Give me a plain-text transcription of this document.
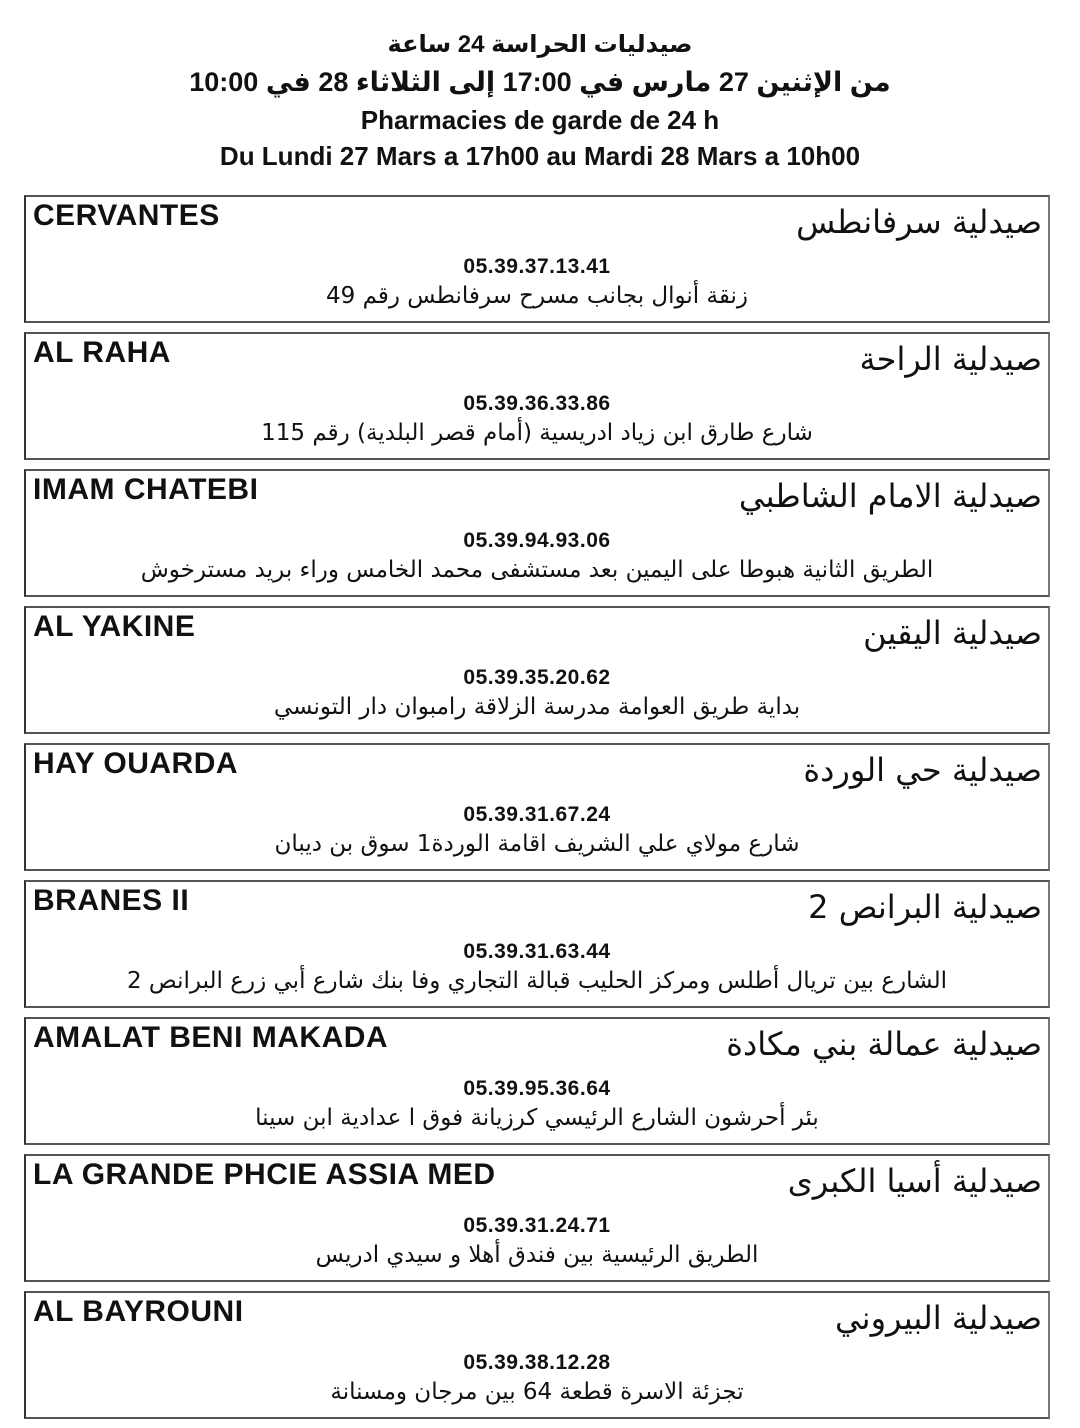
صيدليات الحراسة 24 ساعة
من الإثنين 27 مارس في 17:00 إلى الثلاثاء 28 في 10:00
Pharmacies de garde de 24 h
Du Lundi 27 Mars a 17h00 au Mardi 28 Mars a 10h00
CERVANTES	صيدلية سرفانطس
05.39.37.13.41
زنقة أنوال بجانب مسرح سرفانطس رقم 49
AL RAHA	صيدلية الراحة
05.39.36.33.86
شارع طارق ابن زياد ادريسية (أمام قصر البلدية) رقم 115
IMAM CHATEBI	صيدلية الامام الشاطبي
05.39.94.93.06
الطريق الثانية هبوطا على اليمين بعد مستشفى محمد الخامس وراء بريد مسترخوش
AL YAKINE	صيدلية اليقين
05.39.35.20.62
بداية طريق العوامة مدرسة الزلاقة رامبوان دار التونسي
HAY OUARDA	صيدلية حي الوردة
05.39.31.67.24
شارع مولاي علي الشريف اقامة الوردة1 سوق بن ديبان
BRANES II	صيدلية البرانص 2
05.39.31.63.44
الشارع بين تريال أطلس ومركز الحليب قبالة التجاري وفا بنك شارع أبي زرع البرانص 2
AMALAT BENI MAKADA	صيدلية عمالة بني مكادة
05.39.95.36.64
بئر أحرشون الشارع الرئيسي كرزيانة فوق ا عدادية ابن سينا
LA GRANDE PHCIE ASSIA MED	صيدلية أسيا الكبرى
05.39.31.24.71
الطريق الرئيسية بين فندق أهلا و سيدي ادريس
AL BAYROUNI	صيدلية البيروني
05.39.38.12.28
تجزئة الاسرة قطعة 64 بين مرجان ومسنانة
